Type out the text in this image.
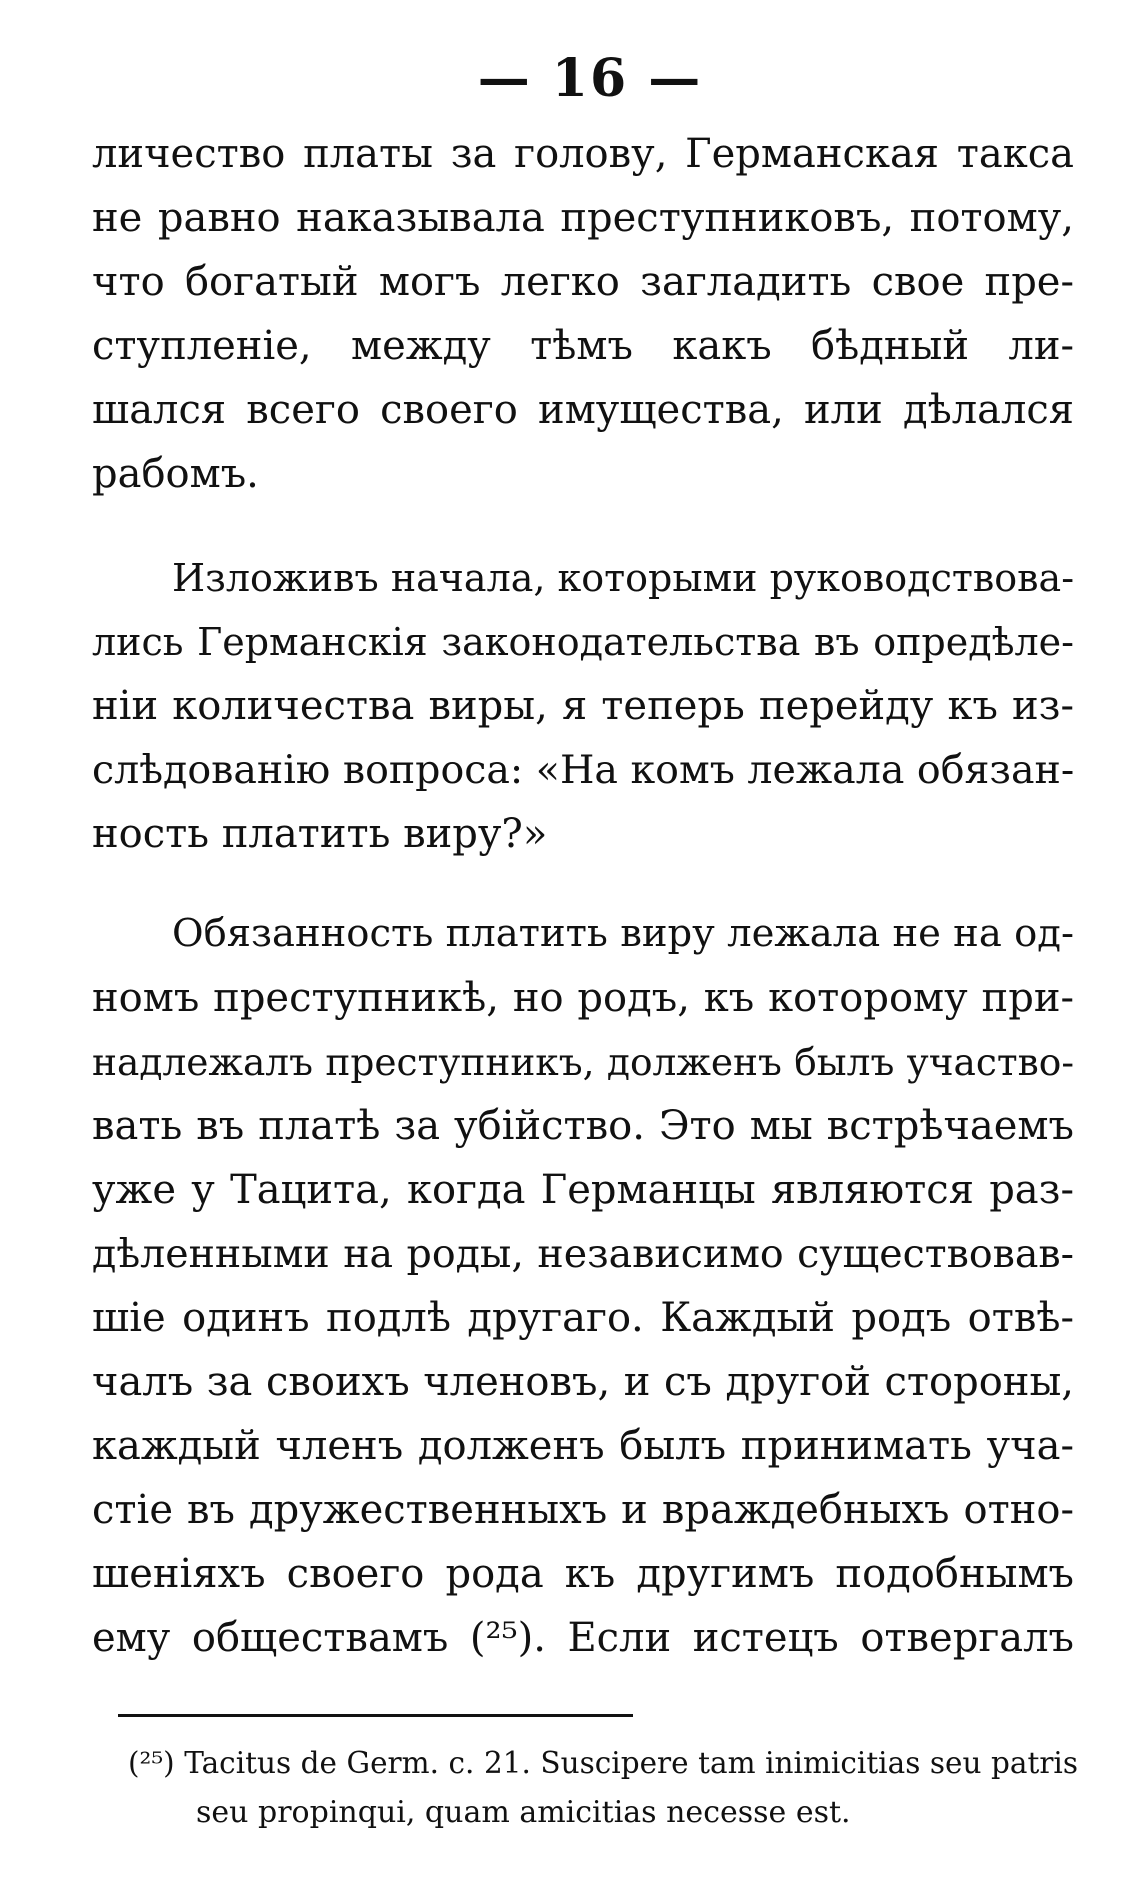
— 16 —
личество платы за голову, Германская такса
не равно наказывала преступниковъ, потому,
что богатый могъ легко загладить свое пре-
ступленіе, между тѣмъ какъ бѣдный ли-
шался всего своего имущества, или дѣлался
рабомъ.
Изложивъ начала, которыми руководствова-
лись Германскія законодательства въ опредѣле-
ніи количества виры, я теперь перейду къ из-
слѣдованію вопроса: «На комъ лежала обязан-
ность платить виру?»
Обязанность платить виру лежала не на од-
номъ преступникѣ, но родъ, къ которому при-
надлежалъ преступникъ, долженъ былъ участво-
вать въ платѣ за убійство. Это мы встрѣчаемъ
уже у Тацита, когда Германцы являются раз-
дѣленными на роды, независимо существовав-
шіе одинъ подлѣ другаго. Каждый родъ отвѣ-
чалъ за своихъ членовъ, и съ другой стороны,
каждый членъ долженъ былъ принимать уча-
стіе въ дружественныхъ и враждебныхъ отно-
шеніяхъ своего рода къ другимъ подобнымъ
ему обществамъ (²⁵). Если истецъ отвергалъ
(²⁵) Tacitus de Germ. c. 21. Suscipere tam inimicitias seu patris
seu propinqui, quam amicitias necesse est.
